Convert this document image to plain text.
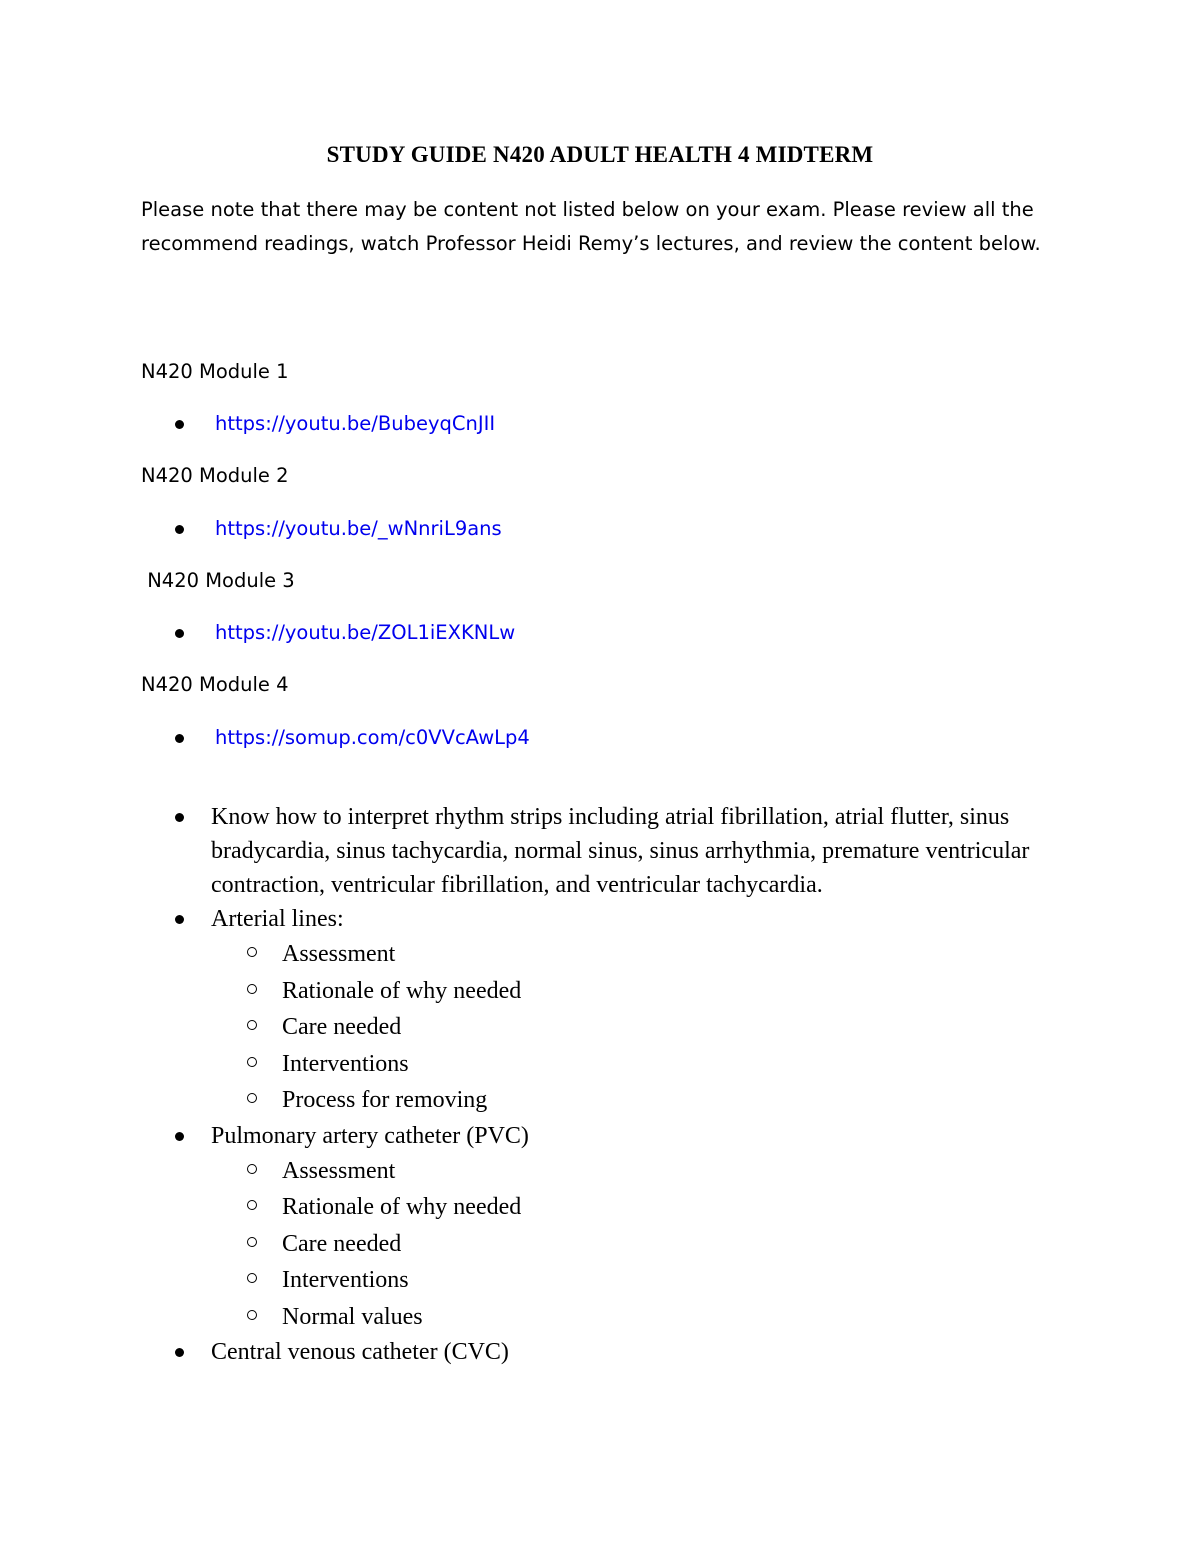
STUDY GUIDE N420 ADULT HEALTH 4 MIDTERM
Please note that there may be content not listed below on your exam. Please review all the recommend readings, watch Professor Heidi Remy’s lectures, and review the content below.
N420 Module 1
https://youtu.be/BubeyqCnJII
N420 Module 2
https://youtu.be/_wNnriL9ans
N420 Module 3
https://youtu.be/ZOL1iEXKNLw
N420 Module 4
https://somup.com/c0VVcAwLp4
Know how to interpret rhythm strips including atrial fibrillation, atrial flutter, sinus bradycardia, sinus tachycardia, normal sinus, sinus arrhythmia, premature ventricular contraction, ventricular fibrillation, and ventricular tachycardia.
Arterial lines:
Assessment
Rationale of why needed
Care needed
Interventions
Process for removing
Pulmonary artery catheter (PVC)
Assessment
Rationale of why needed
Care needed
Interventions
Normal values
Central venous catheter (CVC)
